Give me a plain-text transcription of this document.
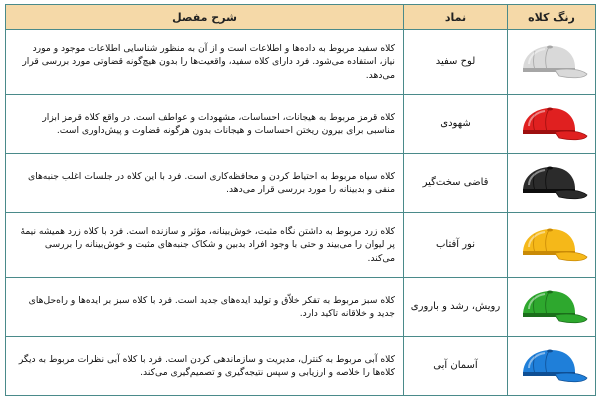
رنگ کلاه	نماد	شرح مفصل

	لوح سفید	کلاه سفید مربوط به داده‌ها و اطلاعات است و از آن به منظور شناسایی اطلاعات موجود و مورد نیاز، استفاده می‌شود. فرد دارای کلاه سفید، واقعیت‌ها را بدون هیچ‌گونه قضاوتی مورد بررسی قرار می‌دهد.

	شهودی	کلاه قرمز مربوط به هیجانات، احساسات، مشهودات و عواطف است. در واقع کلاه قرمز ابزار مناسبی برای بیرون ریختن احساسات و هیجانات بدون هرگونه قضاوت و پیش‌داوری است.

	قاضی سخت‌گیر	کلاه سیاه مربوط به احتیاط کردن و محافظه‌کاری است. فرد با این کلاه در جلسات اغلب جنبه‌های منفی و بدبینانه را مورد بررسی قرار می‌دهد.

	نور آفتاب	کلاه زرد مربوط به داشتن نگاه مثبت، خوش‌بینانه، مؤثر و سازنده است. فرد با کلاه زرد همیشه نیمهٔ پر لیوان را می‌بیند و حتی با وجود افراد بدبین و شکاک جنبه‌های مثبت و خوش‌بینانه را بررسی می‌کند.

	رویش، رشد و باروری	کلاه سبز مربوط به تفکر خلاّق و تولید ایده‌های جدید است. فرد با کلاه سبز بر ایده‌ها و راه‌حل‌های جدید و خلاقانه تاکید دارد.

	آسمان آبی	کلاه آبی مربوط به کنترل، مدیریت و سازماندهی کردن است. فرد با کلاه آبی نظرات مربوط به دیگر کلاه‌ها را خلاصه و ارزیابی و سپس نتیجه‌گیری و تصمیم‌گیری می‌کند.
